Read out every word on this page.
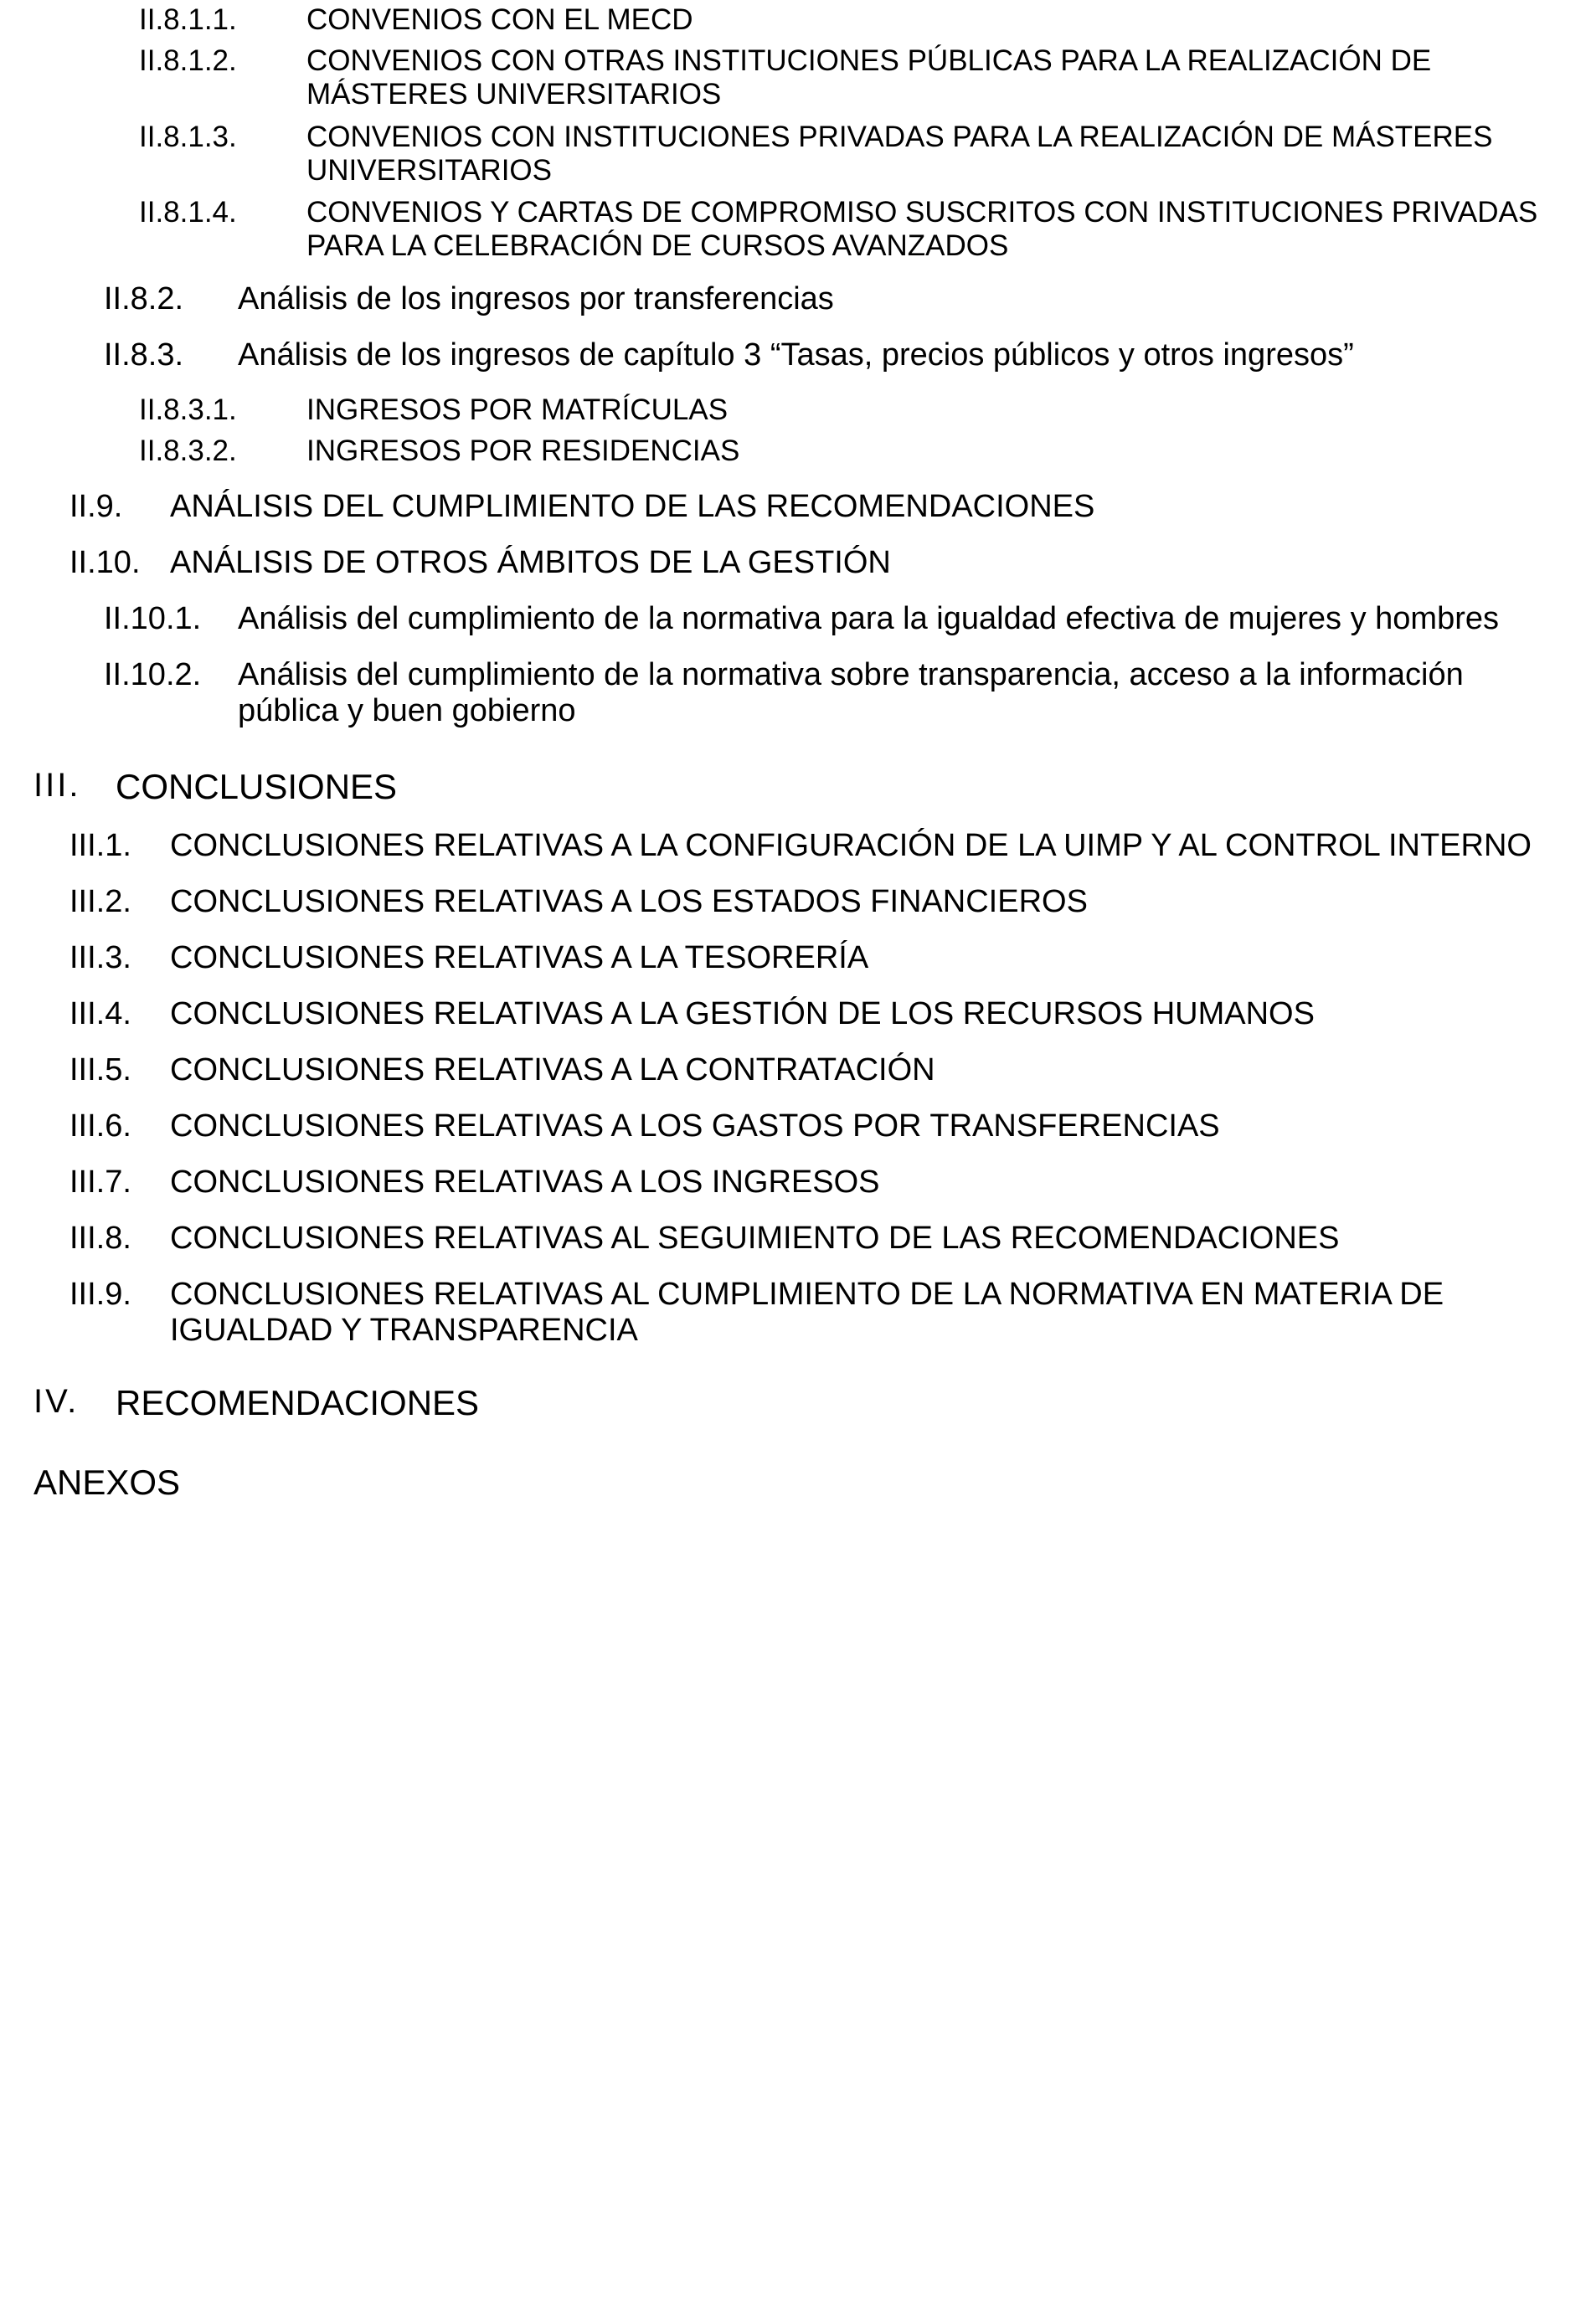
II.8.1.1. CONVENIOS CON EL MECD
II.8.1.2. CONVENIOS CON OTRAS INSTITUCIONES PÚBLICAS PARA LA REALIZACIÓN DE MÁSTERES UNIVERSITARIOS
II.8.1.3. CONVENIOS CON INSTITUCIONES PRIVADAS PARA LA REALIZACIÓN DE MÁSTERES UNIVERSITARIOS
II.8.1.4. CONVENIOS Y CARTAS DE COMPROMISO SUSCRITOS CON INSTITUCIONES PRIVADAS PARA LA CELEBRACIÓN DE CURSOS AVANZADOS
II.8.2. Análisis de los ingresos por transferencias
II.8.3. Análisis de los ingresos de capítulo 3 “Tasas, precios públicos y otros ingresos”
II.8.3.1. INGRESOS POR MATRÍCULAS
II.8.3.2. INGRESOS POR RESIDENCIAS
II.9. ANÁLISIS DEL CUMPLIMIENTO DE LAS RECOMENDACIONES
II.10. ANÁLISIS DE OTROS ÁMBITOS DE LA GESTIÓN
II.10.1. Análisis del cumplimiento de la normativa para la igualdad efectiva de mujeres y hombres
II.10.2. Análisis del cumplimiento de la normativa sobre transparencia, acceso a la información pública y buen gobierno
III. CONCLUSIONES
III.1. CONCLUSIONES RELATIVAS A LA CONFIGURACIÓN DE LA UIMP Y AL CONTROL INTERNO
III.2. CONCLUSIONES RELATIVAS A LOS ESTADOS FINANCIEROS
III.3. CONCLUSIONES RELATIVAS A LA TESORERÍA
III.4. CONCLUSIONES RELATIVAS A LA GESTIÓN DE LOS RECURSOS HUMANOS
III.5. CONCLUSIONES RELATIVAS A LA CONTRATACIÓN
III.6. CONCLUSIONES RELATIVAS A LOS GASTOS POR TRANSFERENCIAS
III.7. CONCLUSIONES RELATIVAS A LOS INGRESOS
III.8. CONCLUSIONES RELATIVAS AL SEGUIMIENTO DE LAS RECOMENDACIONES
III.9. CONCLUSIONES RELATIVAS AL CUMPLIMIENTO DE LA NORMATIVA EN MATERIA DE IGUALDAD Y TRANSPARENCIA
IV. RECOMENDACIONES
ANEXOS
